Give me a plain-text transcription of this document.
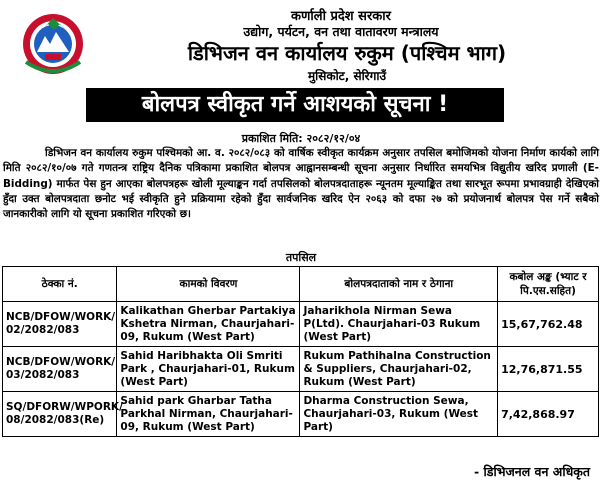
कर्णाली प्रदेश सरकार
उद्योग, पर्यटन, वन तथा वातावरण मन्त्रालय
डिभिजन वन कार्यालय रुकुम (पश्चिम भाग)
मुसिकोट, सेरिगाउँ
बोलपत्र स्वीकृत गर्ने आशयको सूचना !
प्रकाशित मिति: २०८२/१२/०४
डिभिजन वन कार्यालय रुकुम पश्चिमको आ. व. २०८२/०८३ को वार्षिक स्वीकृत कार्यक्रम अनुसार तपसिल बमोजिमको योजना निर्माण कार्यको लागि मिति २०८२/१०/०७ गते गणतन्त्र राष्ट्रिय दैनिक पत्रिकामा प्रकाशित बोलपत्र आह्वानसम्बन्धी सूचना अनुसार निर्धारित समयभित्र विद्युतीय खरिद प्रणाली (E-Bidding) मार्फत पेस हुन आएका बोलपत्रहरू खोली मूल्याङ्कन गर्दा तपसिलको बोलपत्रदाताहरू न्यूनतम मूल्याङ्कित तथा सारभूत रूपमा प्रभावग्राही देखिएको हुँदा उक्त बोलपत्रदाता छनोट भई स्वीकृति हुने प्रक्रियामा रहेको हुँदा सार्वजनिक खरिद ऐन २०६३ को दफा २७ को प्रयोजनार्थ बोलपत्र पेस गर्ने सबैको जानकारीको लागि यो सूचना प्रकाशित गरिएको छ।
तपसिल
ठेक्का नं.	कामको विवरण	बोलपत्रदाताको नाम र ठेगाना	कबोल अङ्क (भ्याट र पि.एस.सहित)
NCB/DFOW/WORK/ 02/2082/083	Kalikathan Gherbar Partakiya Kshetra Nirman, Chaurjahari-09, Rukum (West Part)	Jaharikhola Nirman Sewa P(Ltd). Chaurjahari-03 Rukum (West Part)	15,67,762.48
NCB/DFOW/WORK/ 03/2082/083	Sahid Haribhakta Oli Smriti Park , Chaurjahari-01, Rukum (West Part)	Rukum Pathihalna Construction & Suppliers, Chaurjahari-02, Rukum (West Part)	12,76,871.55
SQ/DFORW/WPORK/ 08/2082/083(Re)	Sahid park Gharbar Tatha Parkhal Nirman, Chaurjahari-09, Rukum (West Part)	Dharma Construction Sewa, Chaurjahari-03, Rukum (West Part)	7,42,868.97
- डिभिजनल वन अधिकृत
